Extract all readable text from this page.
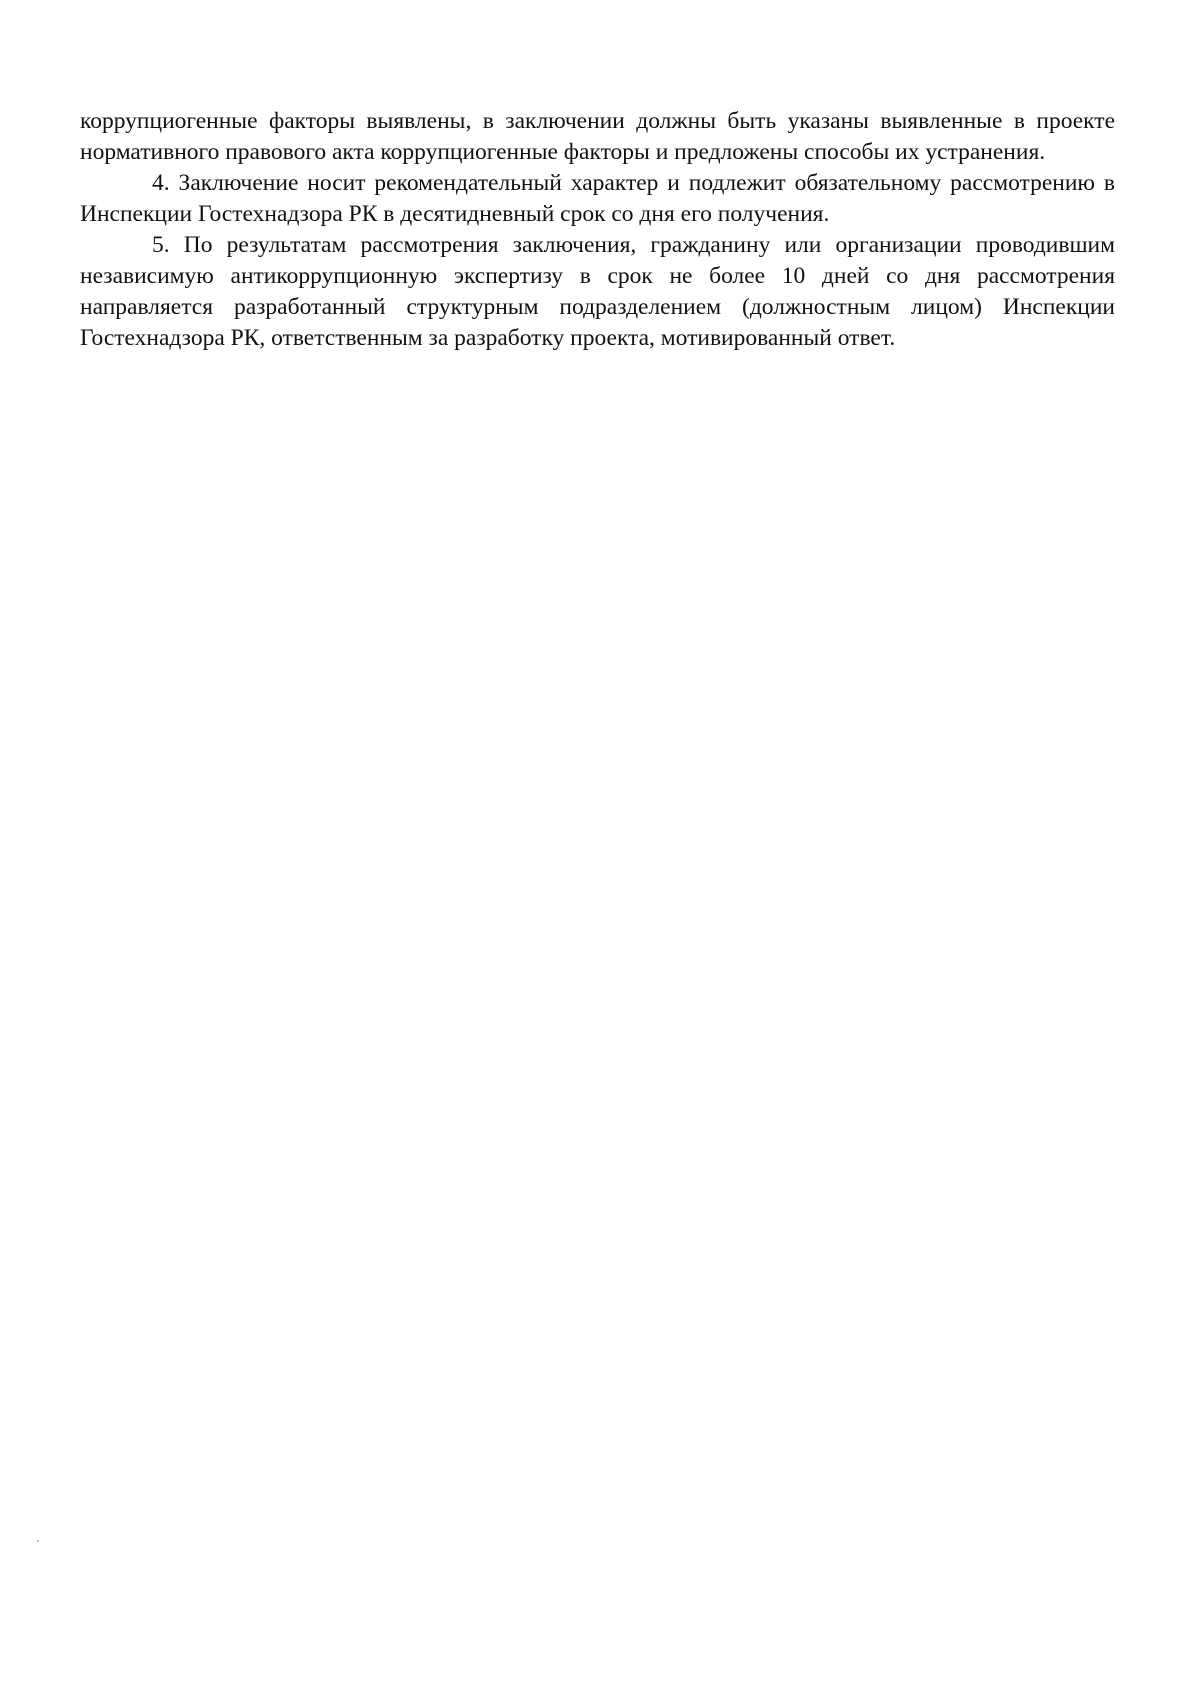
коррупциогенные факторы выявлены, в заключении должны быть указаны выявленные в проекте нормативного правового акта коррупциогенные факторы и предложены способы их устранения.

4. Заключение носит рекомендательный характер и подлежит обязательному рассмотрению в Инспекции Гостехнадзора РК в десятидневный срок со дня его получения.

5. По результатам рассмотрения заключения, гражданину или организации проводившим независимую антикоррупционную экспертизу в срок не более 10 дней со дня рассмотрения направляется разработанный структурным подразделением (должностным лицом) Инспекции Гостехнадзора РК, ответственным за разработку проекта, мотивированный ответ.
